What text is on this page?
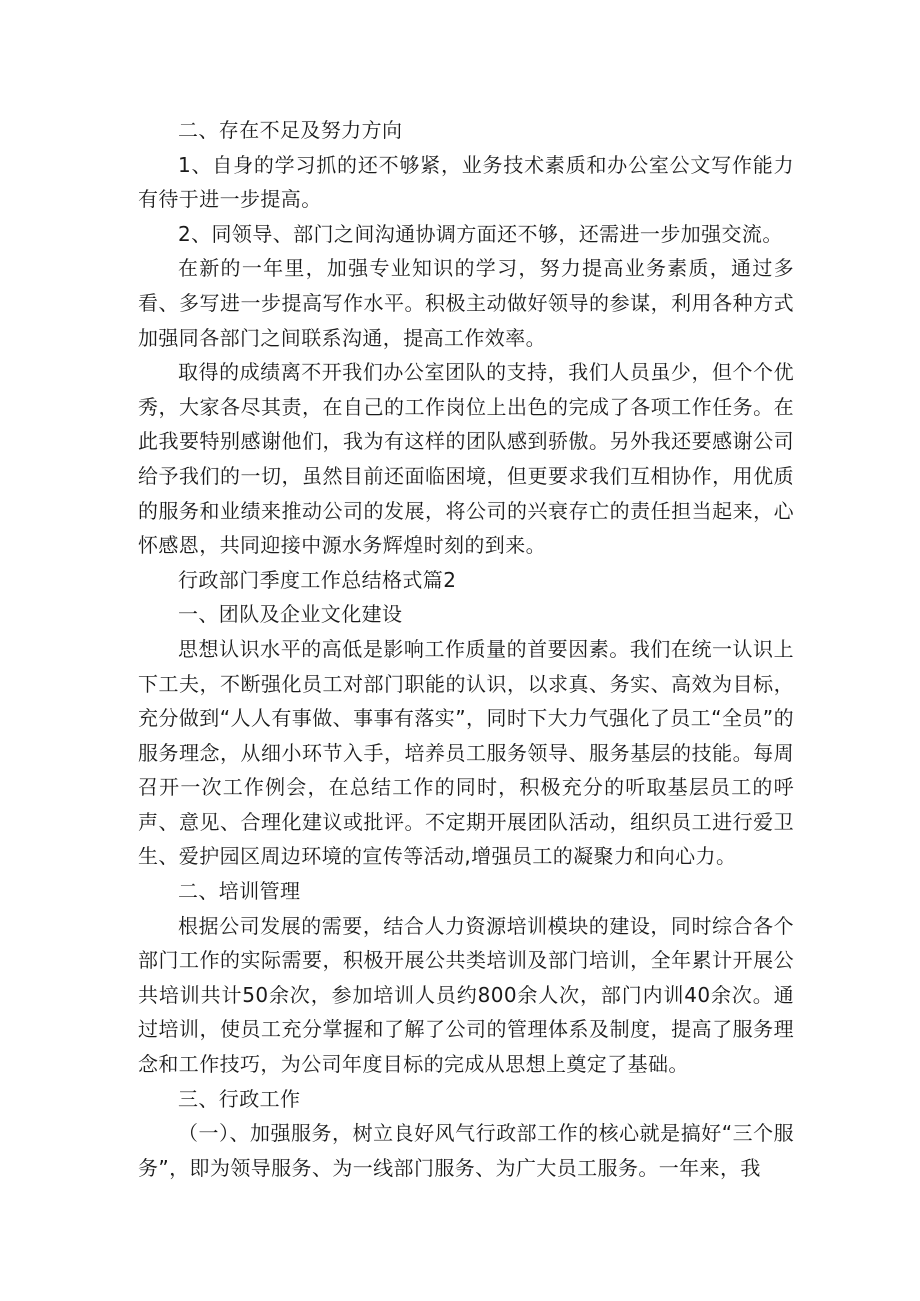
二、存在不足及努力方向

1、自身的学习抓的还不够紧，业务技术素质和办公室公文写作能力有待于进一步提高。

2、同领导、部门之间沟通协调方面还不够，还需进一步加强交流。

在新的一年里，加强专业知识的学习，努力提高业务素质，通过多看、多写进一步提高写作水平。积极主动做好领导的参谋，利用各种方式加强同各部门之间联系沟通，提高工作效率。

取得的成绩离不开我们办公室团队的支持，我们人员虽少，但个个优秀，大家各尽其责，在自己的工作岗位上出色的完成了各项工作任务。在此我要特别感谢他们，我为有这样的团队感到骄傲。另外我还要感谢公司给予我们的一切，虽然目前还面临困境，但更要求我们互相协作，用优质的服务和业绩来推动公司的发展，将公司的兴衰存亡的责任担当起来，心怀感恩，共同迎接中源水务辉煌时刻的到来。

行政部门季度工作总结格式篇2

一、团队及企业文化建设

思想认识水平的高低是影响工作质量的首要因素。我们在统一认识上下工夫，不断强化员工对部门职能的认识，以求真、务实、高效为目标，充分做到“人人有事做、事事有落实”，同时下大力气强化了员工“全员”的服务理念，从细小环节入手，培养员工服务领导、服务基层的技能。每周召开一次工作例会，在总结工作的同时，积极充分的听取基层员工的呼声、意见、合理化建议或批评。不定期开展团队活动，组织员工进行爱卫生、爱护园区周边环境的宣传等活动,增强员工的凝聚力和向心力。

二、培训管理

根据公司发展的需要，结合人力资源培训模块的建设，同时综合各个部门工作的实际需要，积极开展公共类培训及部门培训，全年累计开展公共培训共计50余次，参加培训人员约800余人次，部门内训40余次。通过培训，使员工充分掌握和了解了公司的管理体系及制度，提高了服务理念和工作技巧，为公司年度目标的完成从思想上奠定了基础。

三、行政工作

（一）、加强服务，树立良好风气行政部工作的核心就是搞好“三个服务”，即为领导服务、为一线部门服务、为广大员工服务。一年来，我
